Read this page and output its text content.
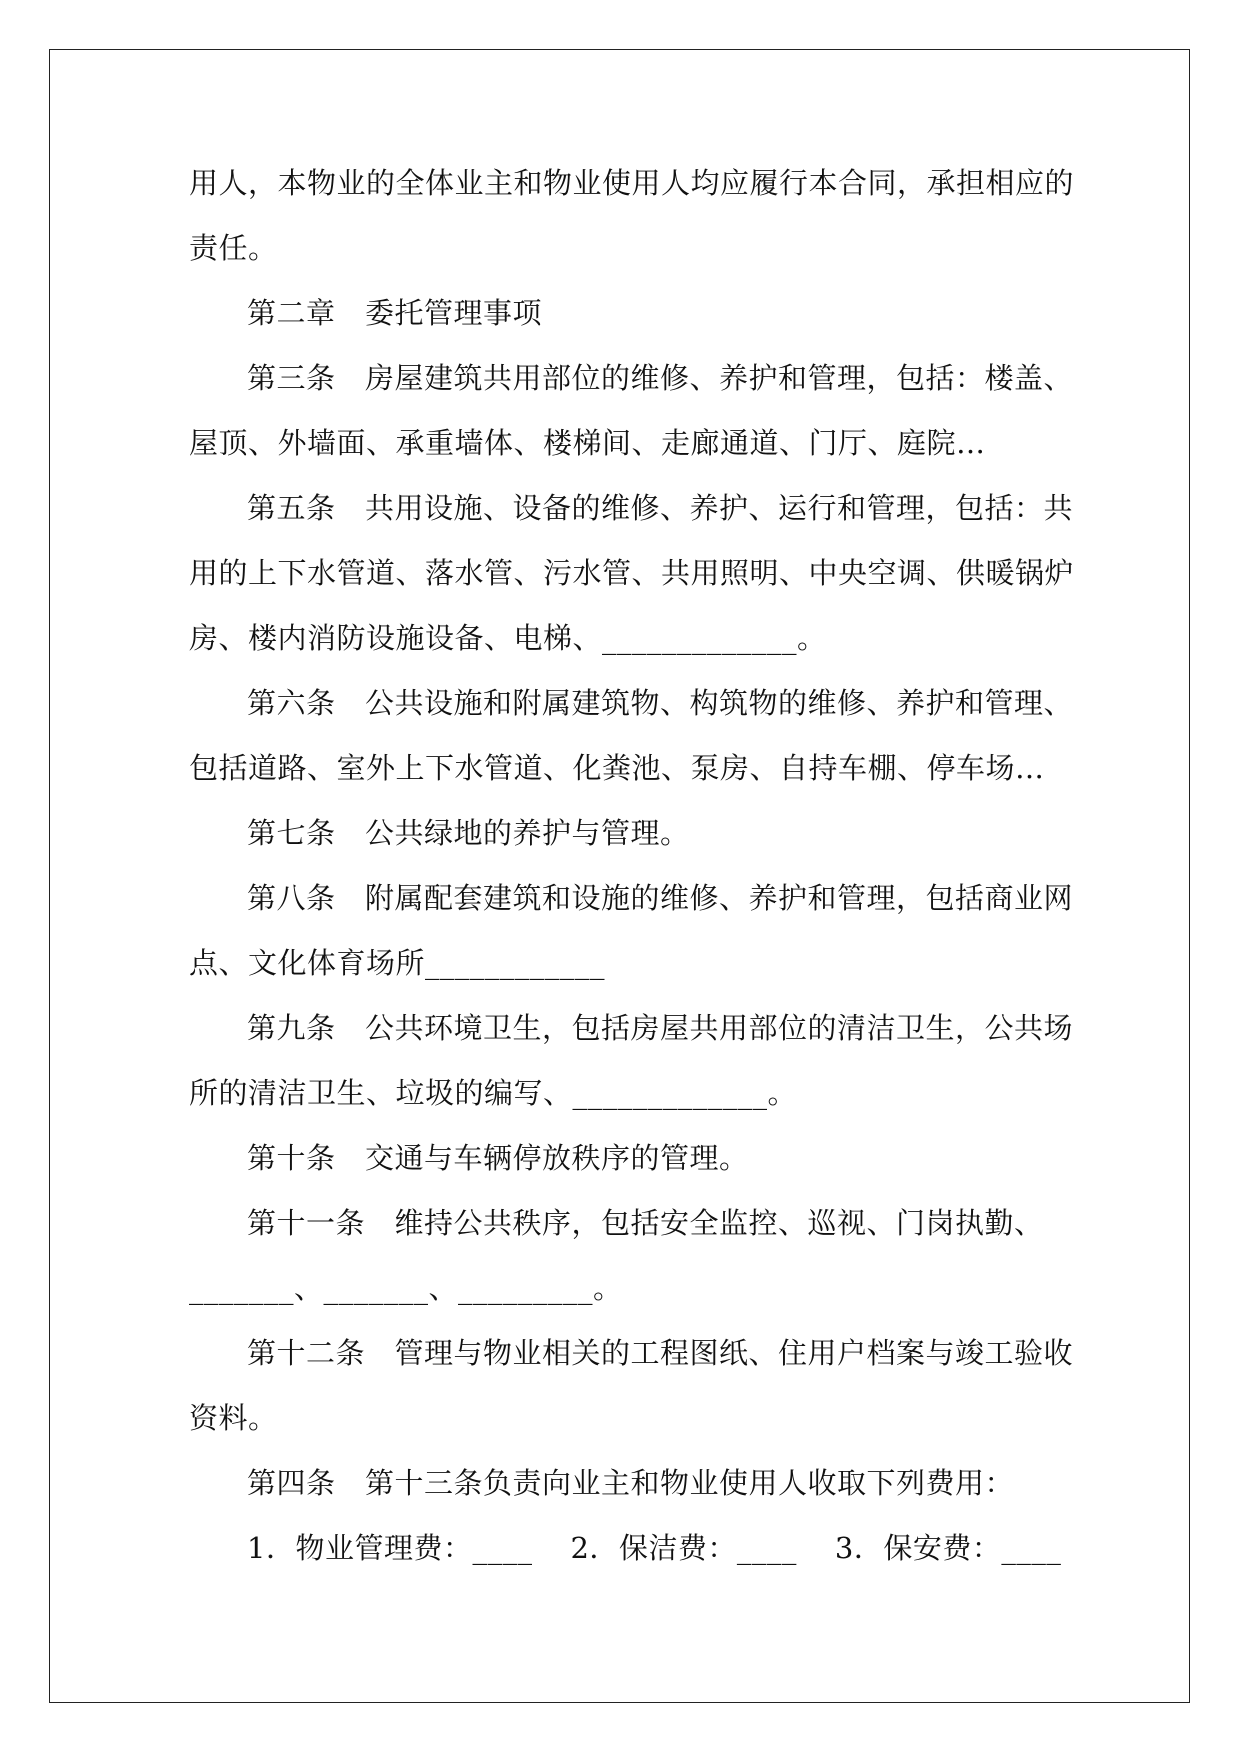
用人，本物业的全体业主和物业使用人均应履行本合同，承担相应的
责任。
第二章　委托管理事项
第三条　房屋建筑共用部位的维修、养护和管理，包括：楼盖、
屋顶、外墙面、承重墙体、楼梯间、走廊通道、门厅、庭院…
第五条　共用设施、设备的维修、养护、运行和管理，包括：共
用的上下水管道、落水管、污水管、共用照明、中央空调、供暖锅炉
房、楼内消防设施设备、电梯、_____________。
第六条　公共设施和附属建筑物、构筑物的维修、养护和管理、
包括道路、室外上下水管道、化粪池、泵房、自持车棚、停车场…
第七条　公共绿地的养护与管理。
第八条　附属配套建筑和设施的维修、养护和管理，包括商业网
点、文化体育场所____________
第九条　公共环境卫生，包括房屋共用部位的清洁卫生，公共场
所的清洁卫生、垃圾的编写、_____________。
第十条　交通与车辆停放秩序的管理。
第十一条　维持公共秩序，包括安全监控、巡视、门岗执勤、
_______、_______、_________。
第十二条　管理与物业相关的工程图纸、住用户档案与竣工验收
资料。
第四条　第十三条负责向业主和物业使用人收取下列费用：
1．物业管理费：____ 2．保洁费：____ 3．保安费：____
